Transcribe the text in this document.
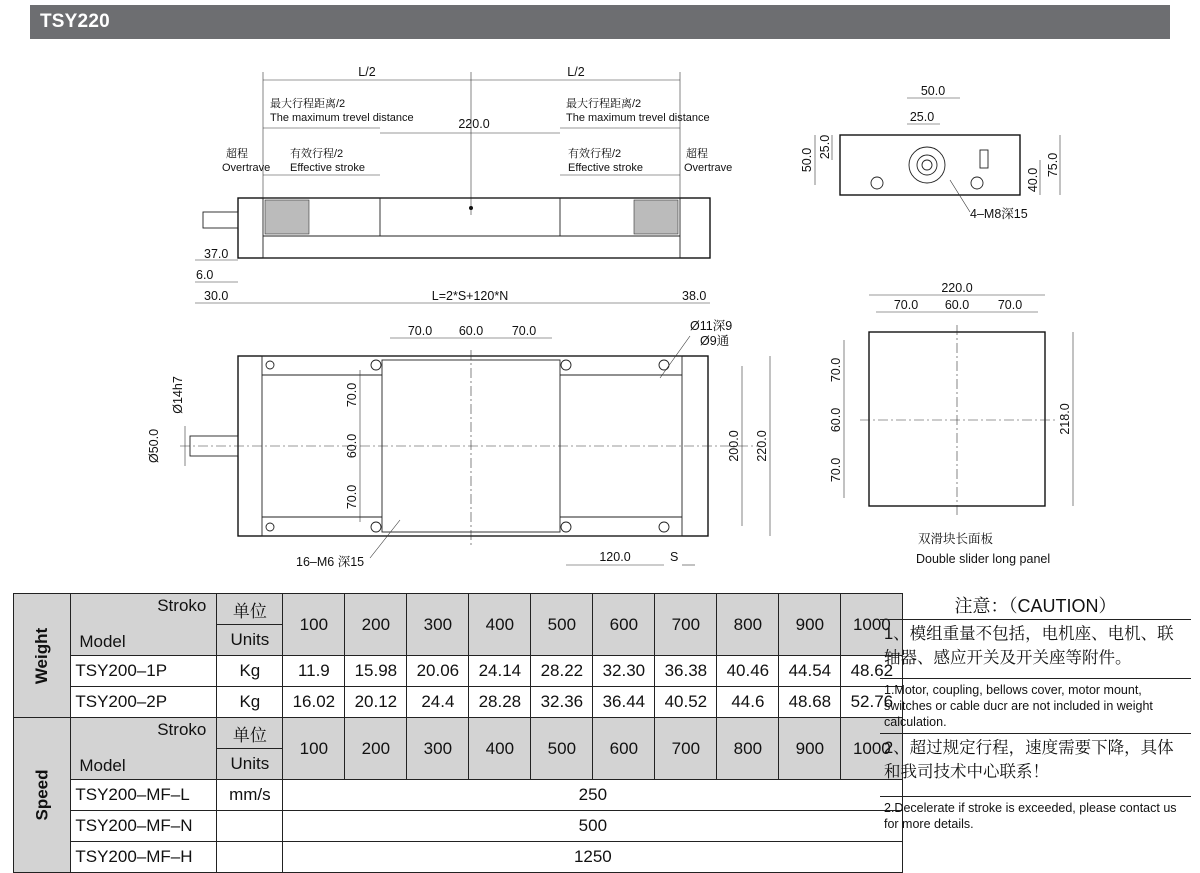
TSY220
L/2	L/2
最大行程距离/2
The maximum trevel distance
最大行程距离/2
The maximum trevel distance
220.0
超程
Overtrave
有效行程/2
Effective stroke
有效行程/2
Effective stroke
超程
Overtrave
37.0
6.0
30.0	L=2*S+120*N	38.0
50.0
25.0
50.0
25.0
40.0
75.0
4–M8深15
70.0 60.0 70.0	Ø11深9
Ø9通
Ø14h7
Ø50.0
70.0
60.0
70.0
200.0 220.0
16–M6 深15	120.0	S
220.0
70.0 60.0 70.0
70.0
60.0
70.0
218.0
双滑块长面板
Double slider long panel
Weight	Stroko
Model	单位	100	200	300	400	500	600	700	800	900	1000
		Units										
	TSY200–1P	Kg	11.9	15.98	20.06	24.14	28.22	32.30	36.38	40.46	44.54	48.62
	TSY200–2P	Kg	16.02	20.12	24.4	28.28	32.36	36.44	40.52	44.6	48.68	52.76
Speed	Stroko
Model	单位	100	200	300	400	500	600	700	800	900	1000
		Units										
	TSY200–MF–L	mm/s	250									
	TSY200–MF–N		500									
	TSY200–MF–H		1250									
注意：（CAUTION）
1、模组重量不包括，电机座、电机、联轴器、感应开关及开关座等附件。
1.Motor, coupling, bellows cover, motor mount, switches or cable ducr are not included in weight calculation.
2、超过规定行程，速度需要下降，具体和我司技术中心联系！
2.Decelerate if stroke is exceeded, please contact us for more details.
